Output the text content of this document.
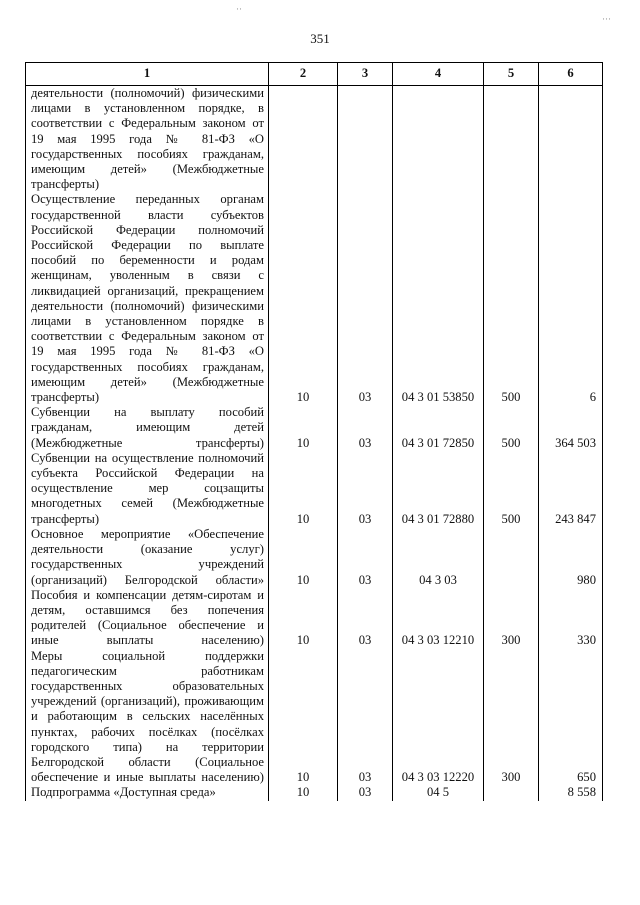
351
··
···
1	2	3	4	5	6
деятельности (полномочий) физическими лицами в установленном порядке, в соответствии с Федеральным законом от 19 мая 1995 года № 81-ФЗ «О государственных пособиях гражданам, имеющим детей» (Межбюджетные трансферты)					
Осуществление переданных органам государственной власти субъектов Российской Федерации полномочий Российской Федерации по выплате пособий по беременности и родам женщинам, уволенным в связи с ликвидацией организаций, прекращением деятельности (полномочий) физическими лицами в установленном порядке в соответствии с Федеральным законом от 19 мая 1995 года № 81-ФЗ «О государственных пособиях гражданам, имеющим детей» (Межбюджетные трансферты)	10	03	04 3 01 53850	500	6
Субвенции на выплату пособий гражданам, имеющим детей (Межбюджетные трансферты)	10	03	04 3 01 72850	500	364 503
Субвенции на осуществление полномочий субъекта Российской Федерации на осуществление мер соцзащиты многодетных семей (Межбюджетные трансферты)	10	03	04 3 01 72880	500	243 847
Основное мероприятие «Обеспечение деятельности (оказание услуг) государственных учреждений (организаций) Белгородской области»	10	03	04 3 03		980
Пособия и компенсации детям-сиротам и детям, оставшимся без попечения родителей (Социальное обеспечение и иные выплаты населению)	10	03	04 3 03 12210	300	330
Меры социальной поддержки педагогическим работникам государственных образовательных учреждений (организаций), проживающим и работающим в сельских населённых пунктах, рабочих посёлках (посёлках городского типа) на территории Белгородской области (Социальное обеспечение и иные выплаты населению)	10	03	04 3 03 12220	300	650
Подпрограмма «Доступная среда»	10	03	04 5		8 558
